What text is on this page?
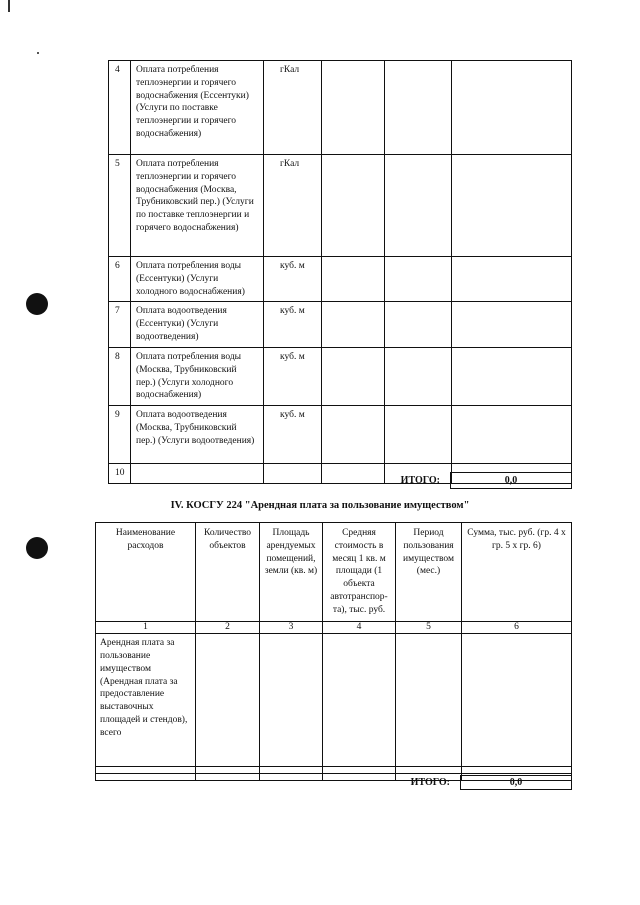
4	Оплата потребления теплоэнергии и горячего водоснабжения (Ессентуки) (Услуги по поставке теплоэнергии и горячего водоснабжения)	гКал			
5	Оплата потребления теплоэнергии и горячего водоснабжения (Москва, Трубниковский пер.) (Услуги по поставке теплоэнергии и горячего водоснабжения)	гКал			
6	Оплата потребления воды (Ессентуки) (Услуги холодного водоснабжения)	куб. м			
7	Оплата водоотведения (Ессентуки) (Услуги водоотведения)	куб. м			
8	Оплата потребления воды (Москва, Трубниковский пер.) (Услуги холодного водоснабжения)	куб. м			
9	Оплата водоотведения (Москва, Трубниковский пер.) (Услуги водоотведения)	куб. м			
10					
ИТОГО:	0,0
IV. КОСГУ 224 "Арендная плата за пользование имуществом"
Наименование расходов	Количество объектов	Площадь арендуемых помещений, земли (кв. м)	Средняя стоимость в месяц 1 кв. м площади (1 объекта автотранспор-та), тыс. руб.	Период пользования имуществом (мес.)	Сумма, тыс. руб. (гр. 4 х гр. 5 х гр. 6)
1	2	3	4	5	6
Арендная плата за пользование имуществом (Арендная плата за предоставление выставочных площадей и стендов), всего					

ИТОГО:	0,0
